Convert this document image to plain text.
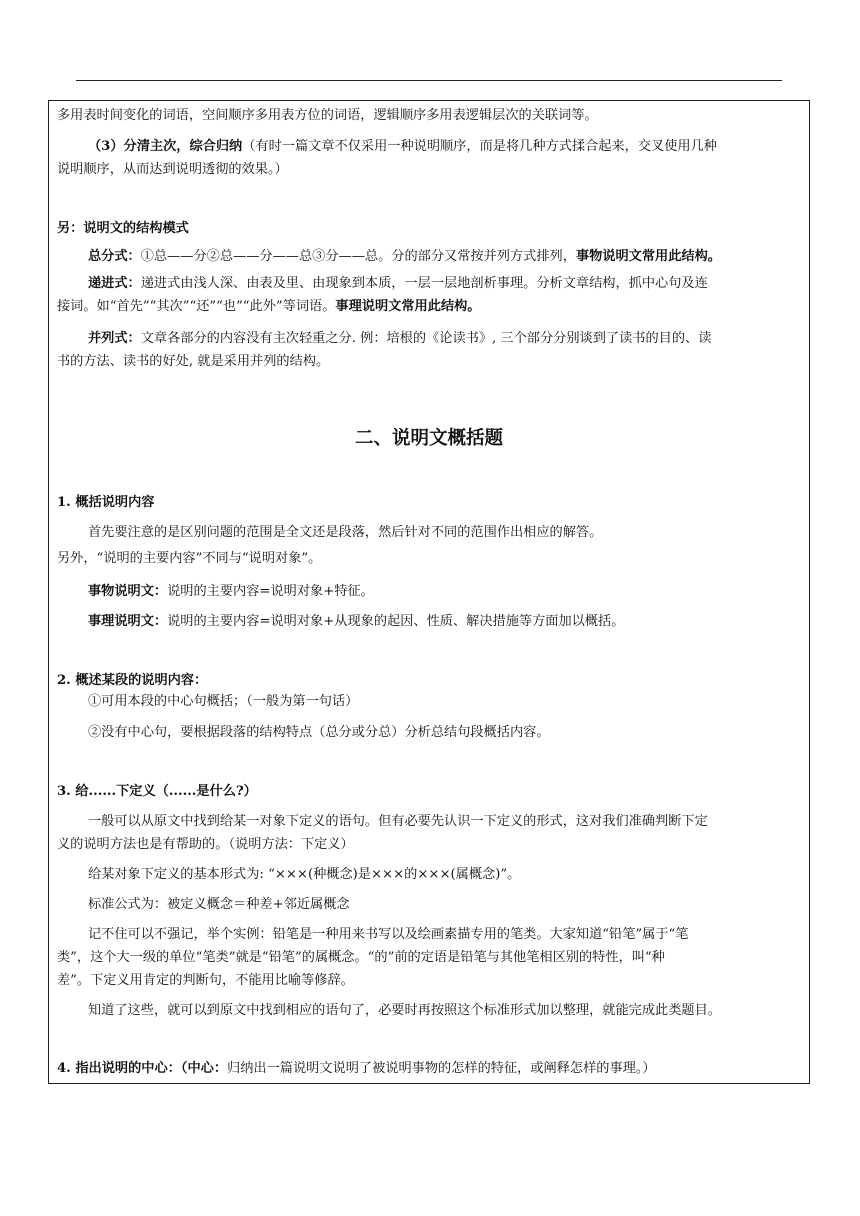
多用表时间变化的词语，空间顺序多用表方位的词语，逻辑顺序多用表逻辑层次的关联词等。
（3）分清主次，综合归纳（有时一篇文章不仅采用一种说明顺序，而是将几种方式揉合起来，交叉使用几种
说明顺序，从而达到说明透彻的效果。）
另：说明文的结构模式
总分式：①总——分②总——分——总③分——总。分的部分又常按并列方式排列，事物说明文常用此结构。
递进式：递进式由浅人深、由表及里、由现象到本质，一层一层地剖析事理。分析文章结构，抓中心句及连
接词。如“首先”“其次”“还”“也”“此外”等词语。事理说明文常用此结构。
并列式：文章各部分的内容没有主次轻重之分. 例：培根的《论读书》, 三个部分分别谈到了读书的目的、读
书的方法、读书的好处, 就是采用并列的结构。
二、说明文概括题
1. 概括说明内容
首先要注意的是区别问题的范围是全文还是段落，然后针对不同的范围作出相应的解答。
另外，“说明的主要内容”不同与“说明对象”。
事物说明文：说明的主要内容=说明对象+特征。
事理说明文：说明的主要内容=说明对象+从现象的起因、性质、解决措施等方面加以概括。
2. 概述某段的说明内容：
①可用本段的中心句概括；（一般为第一句话）
②没有中心句，要根据段落的结构特点（总分或分总）分析总结句段概括内容。
3. 给......下定义（......是什么?）
一般可以从原文中找到给某一对象下定义的语句。但有必要先认识一下定义的形式，这对我们准确判断下定
义的说明方法也是有帮助的。（说明方法：下定义）
给某对象下定义的基本形式为: “×××(种概念)是×××的×××(属概念)”。
标准公式为：被定义概念＝种差+邻近属概念
记不住可以不强记，举个实例：铅笔是一种用来书写以及绘画素描专用的笔类。大家知道“铅笔”属于“笔
类”，这个大一级的单位“笔类”就是“铅笔”的属概念。“的”前的定语是铅笔与其他笔相区别的特性，叫“种
差”。下定义用肯定的判断句，不能用比喻等修辞。
知道了这些，就可以到原文中找到相应的语句了，必要时再按照这个标准形式加以整理，就能完成此类题目。
4. 指出说明的中心：（中心：归纳出一篇说明文说明了被说明事物的怎样的特征，或阐释怎样的事理。）
